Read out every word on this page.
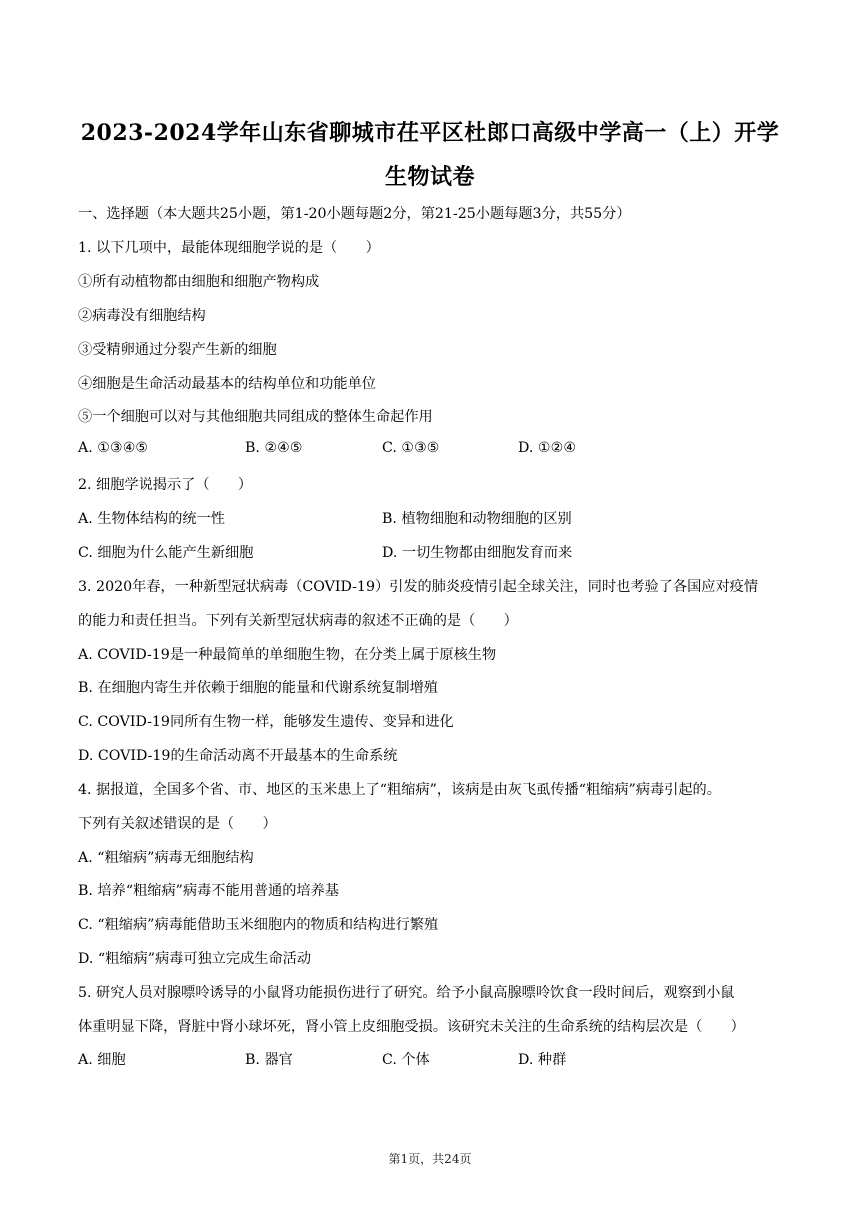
2023-2024学年山东省聊城市茌平区杜郎口高级中学高一（上）开学
生物试卷
一、选择题（本大题共25小题，第1-20小题每题2分，第21-25小题每题3分，共55分）
1. 以下几项中，最能体现细胞学说的是（　　）
①所有动植物都由细胞和细胞产物构成
②病毒没有细胞结构
③受精卵通过分裂产生新的细胞
④细胞是生命活动最基本的结构单位和功能单位
⑤一个细胞可以对与其他细胞共同组成的整体生命起作用
A. ①③④⑤	B. ②④⑤	C. ①③⑤	D. ①②④
2. 细胞学说揭示了（　　）
A. 生物体结构的统一性	B. 植物细胞和动物细胞的区别
C. 细胞为什么能产生新细胞	D. 一切生物都由细胞发育而来
3. 2020年春，一种新型冠状病毒（COVID-19）引发的肺炎疫情引起全球关注，同时也考验了各国应对疫情
的能力和责任担当。下列有关新型冠状病毒的叙述不正确的是（　　）
A. COVID-19是一种最简单的单细胞生物，在分类上属于原核生物
B. 在细胞内寄生并依赖于细胞的能量和代谢系统复制增殖
C. COVID-19同所有生物一样，能够发生遗传、变异和进化
D. COVID-19的生命活动离不开最基本的生命系统
4. 据报道，全国多个省、市、地区的玉米患上了“粗缩病”，该病是由灰飞虱传播“粗缩病”病毒引起的。
下列有关叙述错误的是（　　）
A. “粗缩病”病毒无细胞结构
B. 培养“粗缩病”病毒不能用普通的培养基
C. “粗缩病”病毒能借助玉米细胞内的物质和结构进行繁殖
D. “粗缩病”病毒可独立完成生命活动
5. 研究人员对腺嘌呤诱导的小鼠肾功能损伤进行了研究。给予小鼠高腺嘌呤饮食一段时间后，观察到小鼠
体重明显下降，肾脏中肾小球坏死，肾小管上皮细胞受损。该研究未关注的生命系统的结构层次是（　　）
A. 细胞	B. 器官	C. 个体	D. 种群
第1页，共24页
